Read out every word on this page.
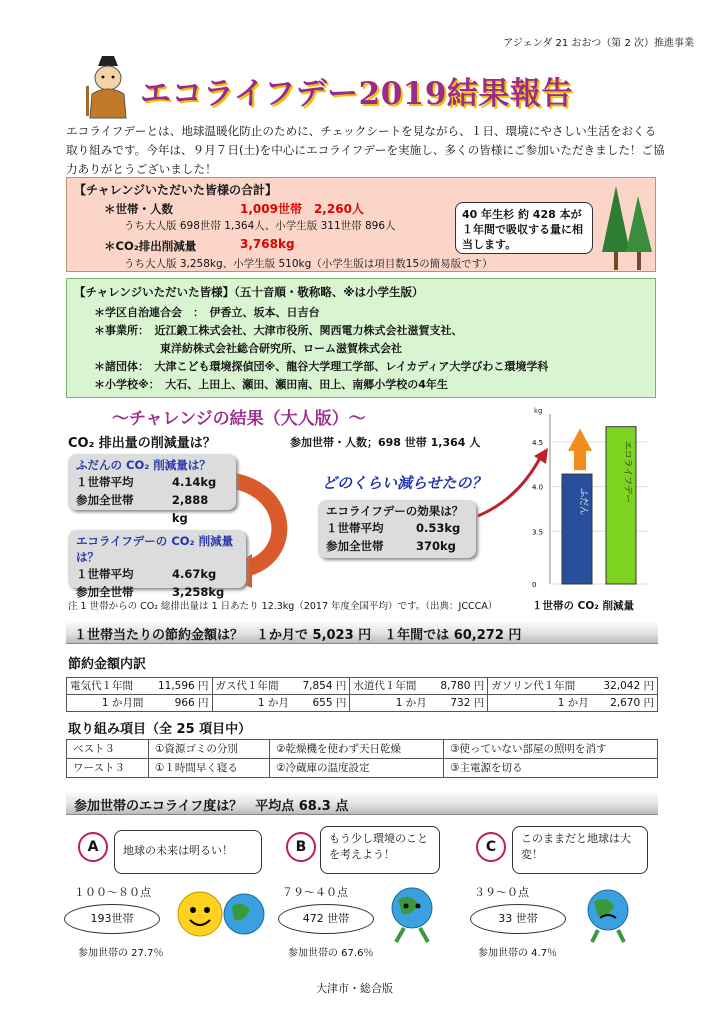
アジェンダ 21 おおつ（第 2 次）推進事業
エコライフデー2019結果報告
エコライフデーとは、地球温暖化防止のために、チェックシートを見ながら、１日、環境にやさしい生活をおくる取り組みです。今年は、９月７日(土)を中心にエコライフデーを実施し、多くの皆様にご参加いただきました！ご協力ありがとうございました！
【チャレンジいただいた皆様の合計】
＊世帯・人数	1,009世帯　2,260人
うち大人版 698世帯 1,364人、小学生版 311世帯 896人
＊CO₂排出削減量	3,768kg
うち大人版 3,258kg、小学生版 510kg（小学生版は項目数15の簡易版です）
40 年生杉 約 428 本が１年間で吸収する量に相当します。
【チャレンジいただいた皆様】（五十音順・敬称略、※は小学生版）
＊学区自治連合会　：　伊香立、坂本、日吉台
＊事業所：　近江鍛工株式会社、大津市役所、関西電力株式会社滋賀支社、
東洋紡株式会社総合研究所、ローム滋賀株式会社
＊諸団体：　大津こども環境探偵団※、龍谷大学理工学部、レイカディア大学びわこ環境学科
＊小学校※：　大石、上田上、瀬田、瀬田南、田上、南郷小学校の4年生
～チャレンジの結果（大人版）～
CO₂ 排出量の削減量は？	参加世帯・人数；698 世帯 1,364 人
ふだんの CO₂ 削減量は？
１世帯平均	4.14kg
参加全世帯	2,888 kg
エコライフデーの CO₂ 削減量は？
１世帯平均	4.67kg
参加全世帯	3,258kg
どのくらい減らせたの？
エコライフデーの効果は？
１世帯平均	0.53kg
参加全世帯	370kg
kg
4.5
4.0
3.5
0
ふだん	エコライフデー
１世帯の CO₂ 削減量
注 1 世帯からの CO₂ 総排出量は 1 日あたり 12.3kg（2017 年度全国平均）です。（出典：JCCCA）
１世帯当たりの節約金額は？　１か月で 5,023 円　１年間では 60,272 円
節約金額内訳
電気代１年間	11,596 円	ガス代１年間	7,854 円	水道代１年間	8,780 円	ガソリン代１年間	32,042 円
1 か月間	966 円	1 か月	655 円	1 か月	732 円	1 か月	2,670 円
取り組み項目（全 25 項目中）
ベスト３	①資源ゴミの分別	②乾燥機を使わず天日乾燥	③使っていない部屋の照明を消す
ワースト３	①１時間早く寝る	②冷蔵庫の温度設定	③主電源を切る
参加世帯のエコライフ度は？　平均点 68.3 点
A	地球の未来は明るい！
１００～８０点
193世帯
参加世帯の 27.7％
B
もう少し環境のことを考えよう！
７９～４０点
472 世帯
参加世帯の 67.6％
C
このままだと地球は大変！
３９～０点
33 世帯
参加世帯の 4.7％
大津市・総合版
